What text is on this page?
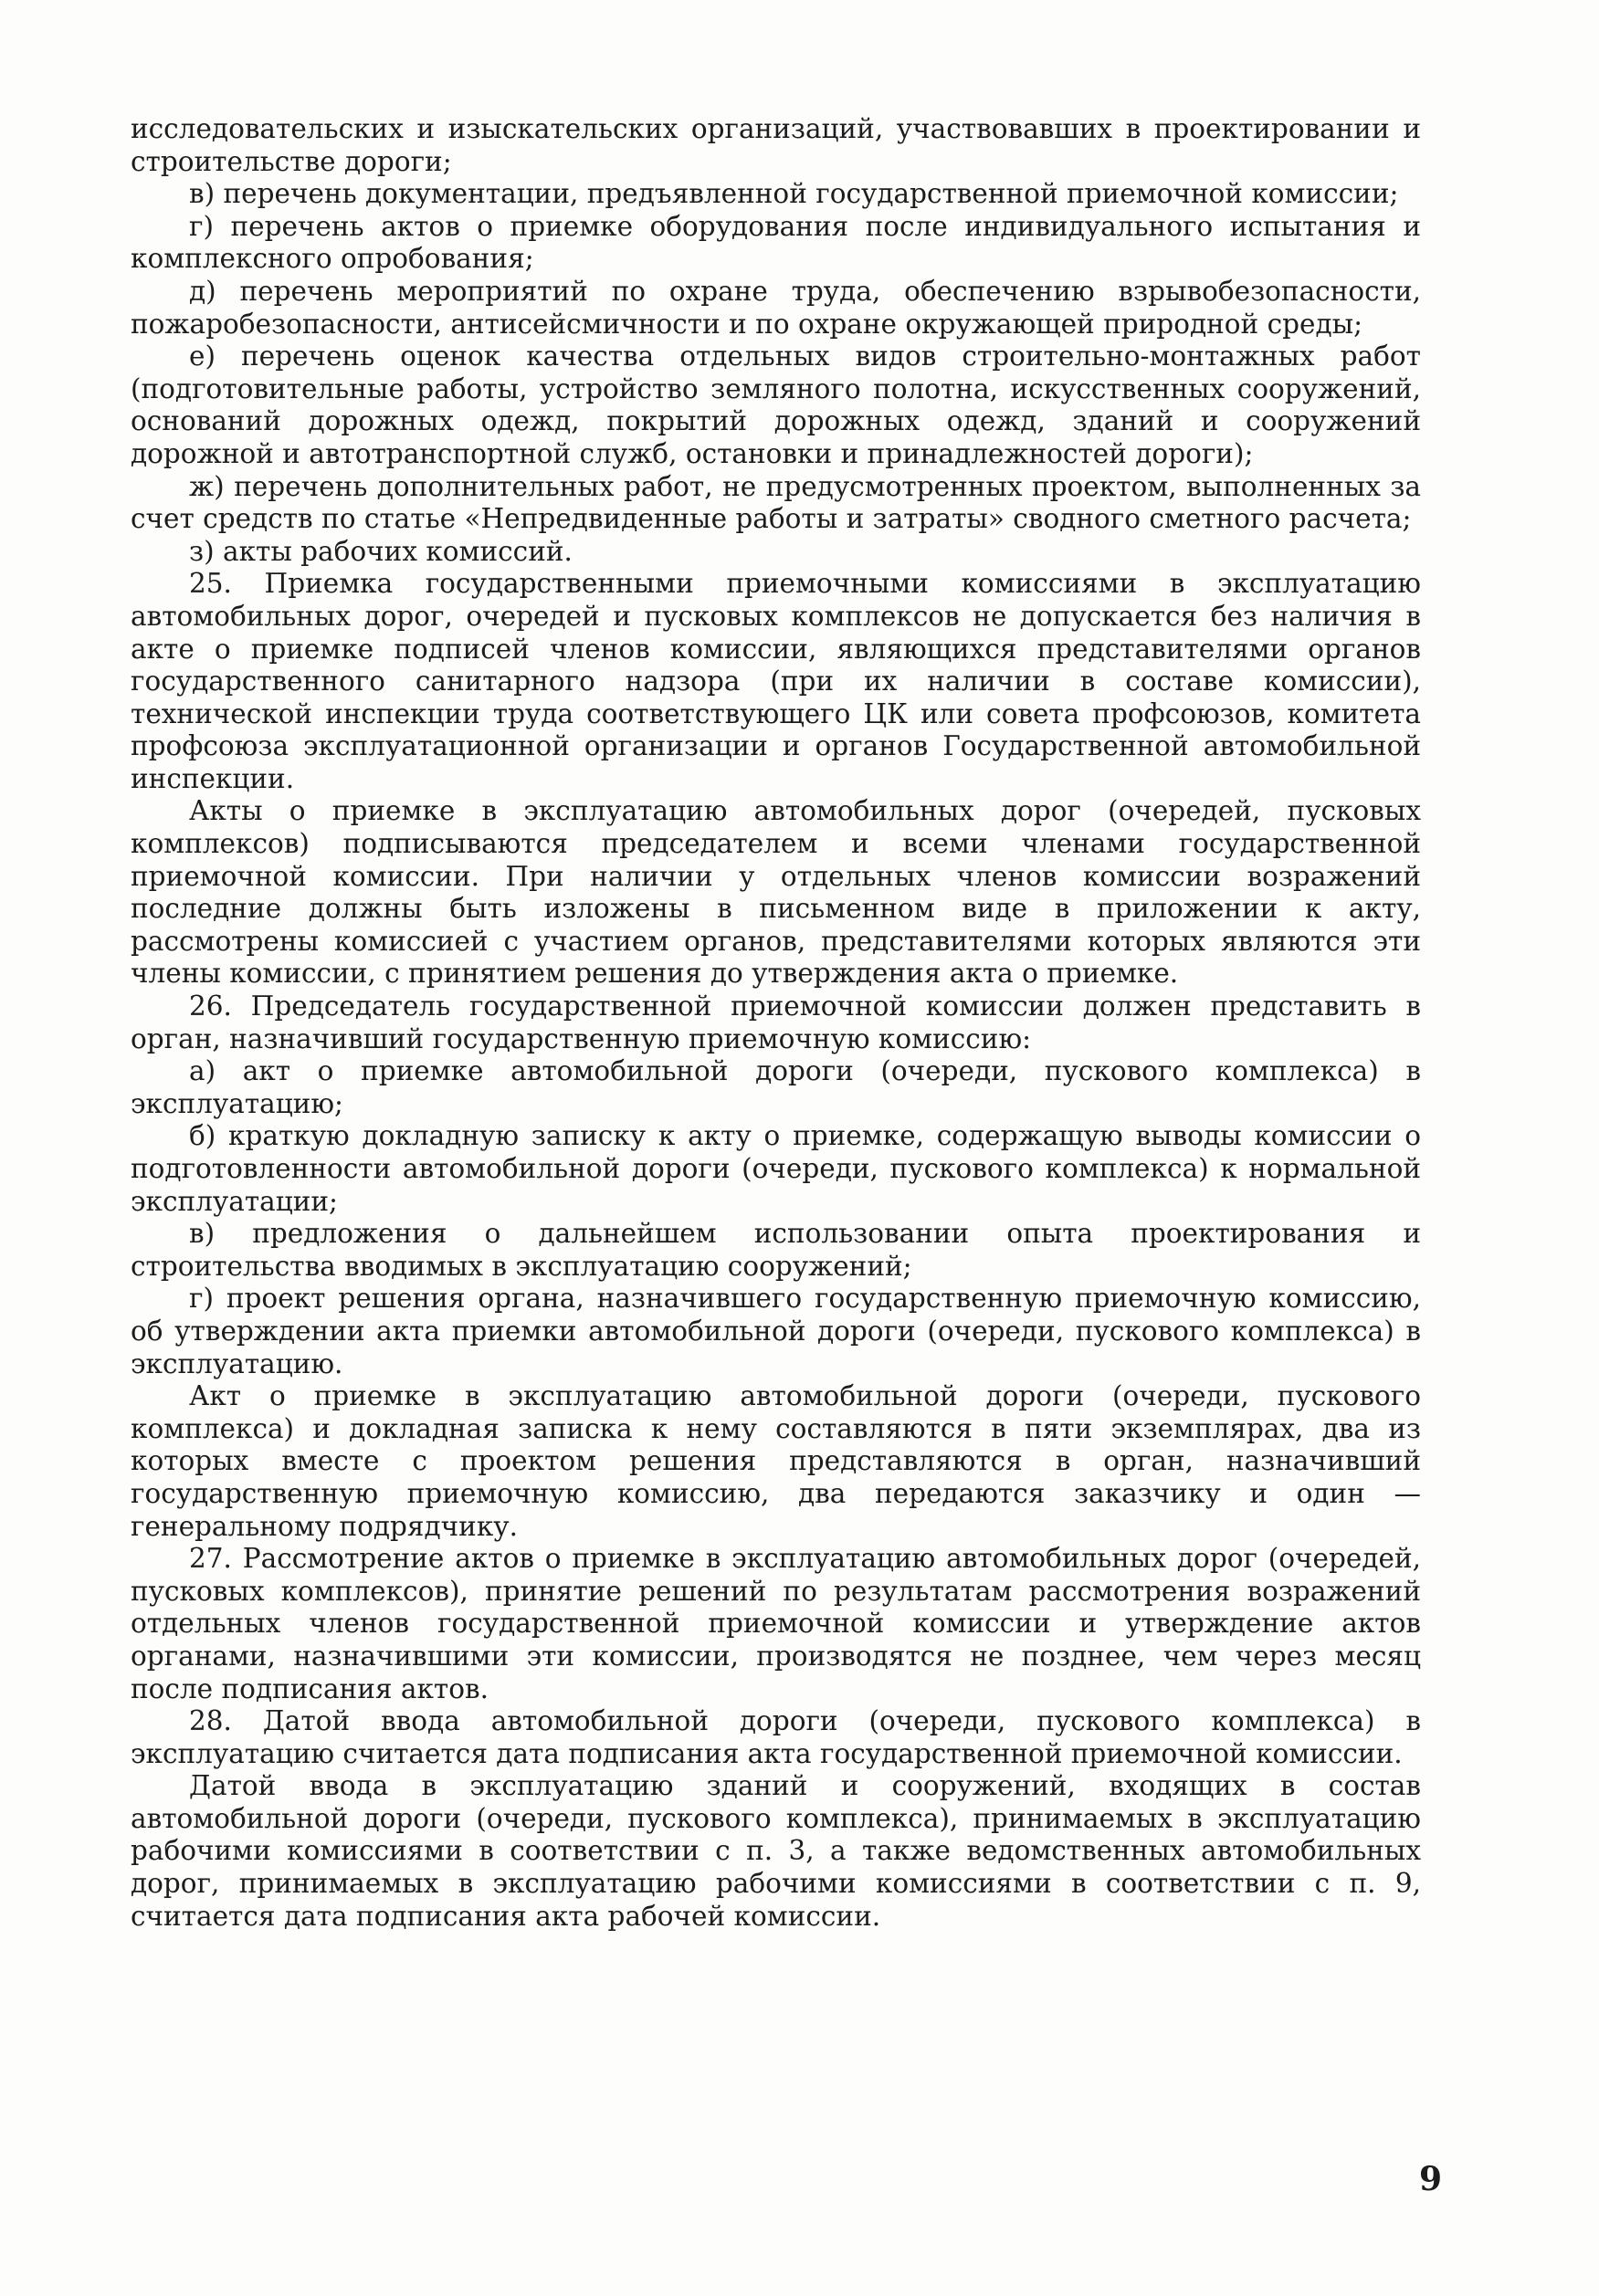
исследовательских и изыскательских организаций, участвовавших в проектировании и строительстве дороги;

в) перечень документации, предъявленной государственной приемочной комиссии;

г) перечень актов о приемке оборудования после индивидуального испытания и комплексного опробования;

д) перечень мероприятий по охране труда, обеспечению взрывобезопасности, пожаробезопасности, антисейсмичности и по охране окружающей природной среды;

е) перечень оценок качества отдельных видов строительно-монтажных работ (подготовительные работы, устройство земляного полотна, искусственных сооружений, оснований дорожных одежд, покрытий дорожных одежд, зданий и сооружений дорожной и автотранспортной служб, остановки и принадлежностей дороги);

ж) перечень дополнительных работ, не предусмотренных проектом, выполненных за счет средств по статье «Непредвиденные работы и затраты» сводного сметного расчета;

з) акты рабочих комиссий.

25. Приемка государственными приемочными комиссиями в эксплуатацию автомобильных дорог, очередей и пусковых комплексов не допускается без наличия в акте о приемке подписей членов комиссии, являющихся представителями органов государственного санитарного надзора (при их наличии в составе комиссии), технической инспекции труда соответствующего ЦК или совета профсоюзов, комитета профсоюза эксплуатационной организации и органов Государственной автомобильной инспекции.

Акты о приемке в эксплуатацию автомобильных дорог (очередей, пусковых комплексов) подписываются председателем и всеми членами государственной приемочной комиссии. При наличии у отдельных членов комиссии возражений последние должны быть изложены в письменном виде в приложении к акту, рассмотрены комиссией с участием органов, представителями которых являются эти члены комиссии, с принятием решения до утверждения акта о приемке.

26. Председатель государственной приемочной комиссии должен представить в орган, назначивший государственную приемочную комиссию:

а) акт о приемке автомобильной дороги (очереди, пускового комплекса) в эксплуатацию;

б) краткую докладную записку к акту о приемке, содержащую выводы комиссии о подготовленности автомобильной дороги (очереди, пускового комплекса) к нормальной эксплуатации;

в) предложения о дальнейшем использовании опыта проектирования и строительства вводимых в эксплуатацию сооружений;

г) проект решения органа, назначившего государственную приемочную комиссию, об утверждении акта приемки автомобильной дороги (очереди, пускового комплекса) в эксплуатацию.

Акт о приемке в эксплуатацию автомобильной дороги (очереди, пускового комплекса) и докладная записка к нему составляются в пяти экземплярах, два из которых вместе с проектом решения представляются в орган, назначивший государственную приемочную комиссию, два передаются заказчику и один — генеральному подрядчику.

27. Рассмотрение актов о приемке в эксплуатацию автомобильных дорог (очередей, пусковых комплексов), принятие решений по результатам рассмотрения возражений отдельных членов государственной приемочной комиссии и утверждение актов органами, назначившими эти комиссии, производятся не позднее, чем через месяц после подписания актов.

28. Датой ввода автомобильной дороги (очереди, пускового комплекса) в эксплуатацию считается дата подписания акта государственной приемочной комиссии.

Датой ввода в эксплуатацию зданий и сооружений, входящих в состав автомобильной дороги (очереди, пускового комплекса), принимаемых в эксплуатацию рабочими комиссиями в соответствии с п. 3, а также ведомственных автомобильных дорог, принимаемых в эксплуатацию рабочими комиссиями в соответствии с п. 9, считается дата подписания акта рабочей комиссии.

9
